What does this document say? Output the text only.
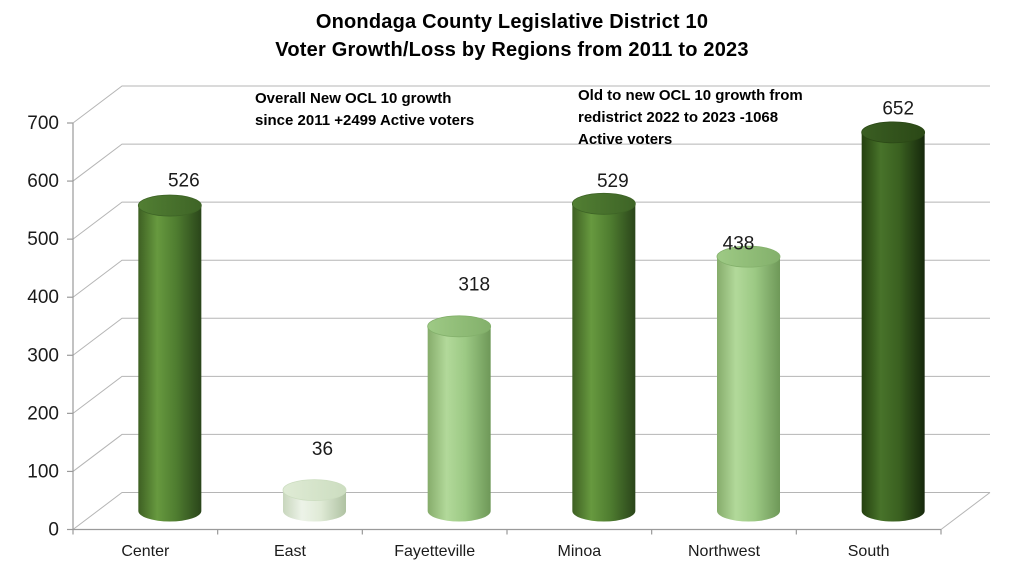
0
100
200
300
400
500
600
700
526
36
318
529
438
652
Center	East	Fayetteville	Minoa	Northwest	South
Onondaga County Legislative District 10
Voter Growth/Loss by Regions from 2011 to 2023
Overall New OCL 10 growth
since 2011 +2499 Active voters
Old to new OCL 10 growth from
redistrict 2022 to 2023 -1068
Active voters
